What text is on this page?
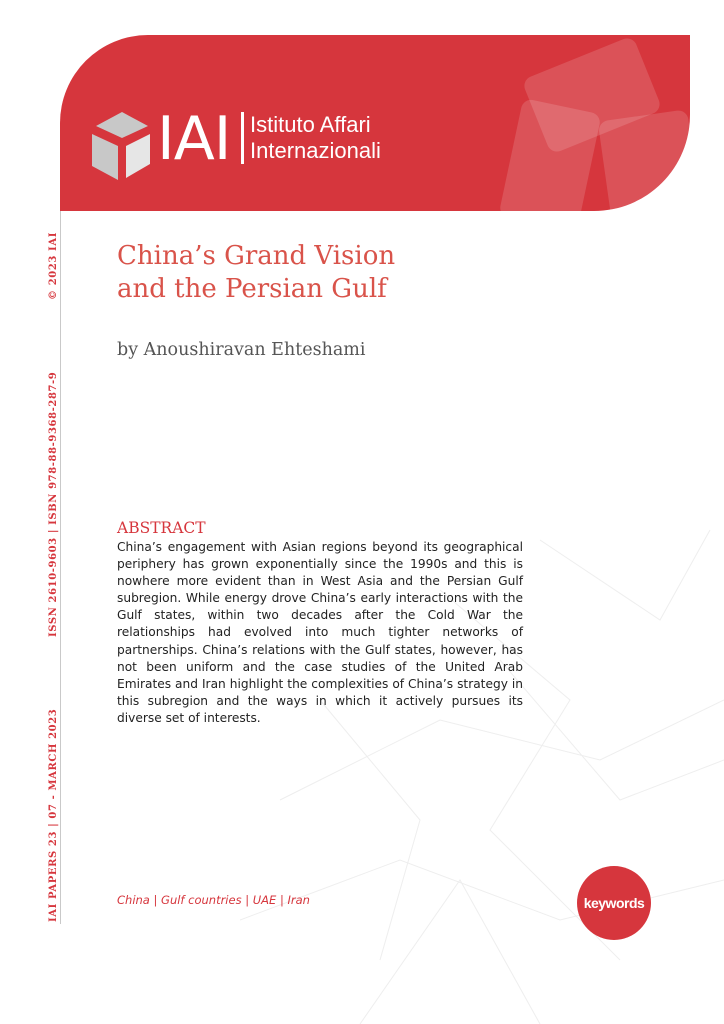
IAI Istituto Affari
Internazionali
IAI PAPERS 23 | 07 - MARCH 2023
ISSN 2610-9603 | ISBN 978-88-9368-287-9
© 2023 IAI China’s Grand Vision
and the Persian Gulf
by Anoushiravan Ehteshami
ABSTRACT
China’s engagement with Asian regions beyond its geographical periphery has grown exponentially since the 1990s and this is nowhere more evident than in West Asia and the Persian Gulf subregion. While energy drove China’s early interactions with the Gulf states, within two decades after the Cold War the relationships had evolved into much tighter networks of partnerships. China’s relations with the Gulf states, however, has not been uniform and the case studies of the United Arab Emirates and Iran highlight the complexities of China’s strategy in this subregion and the ways in which it actively pursues its diverse set of interests.
China | Gulf countries | UAE | Iran	keywords
